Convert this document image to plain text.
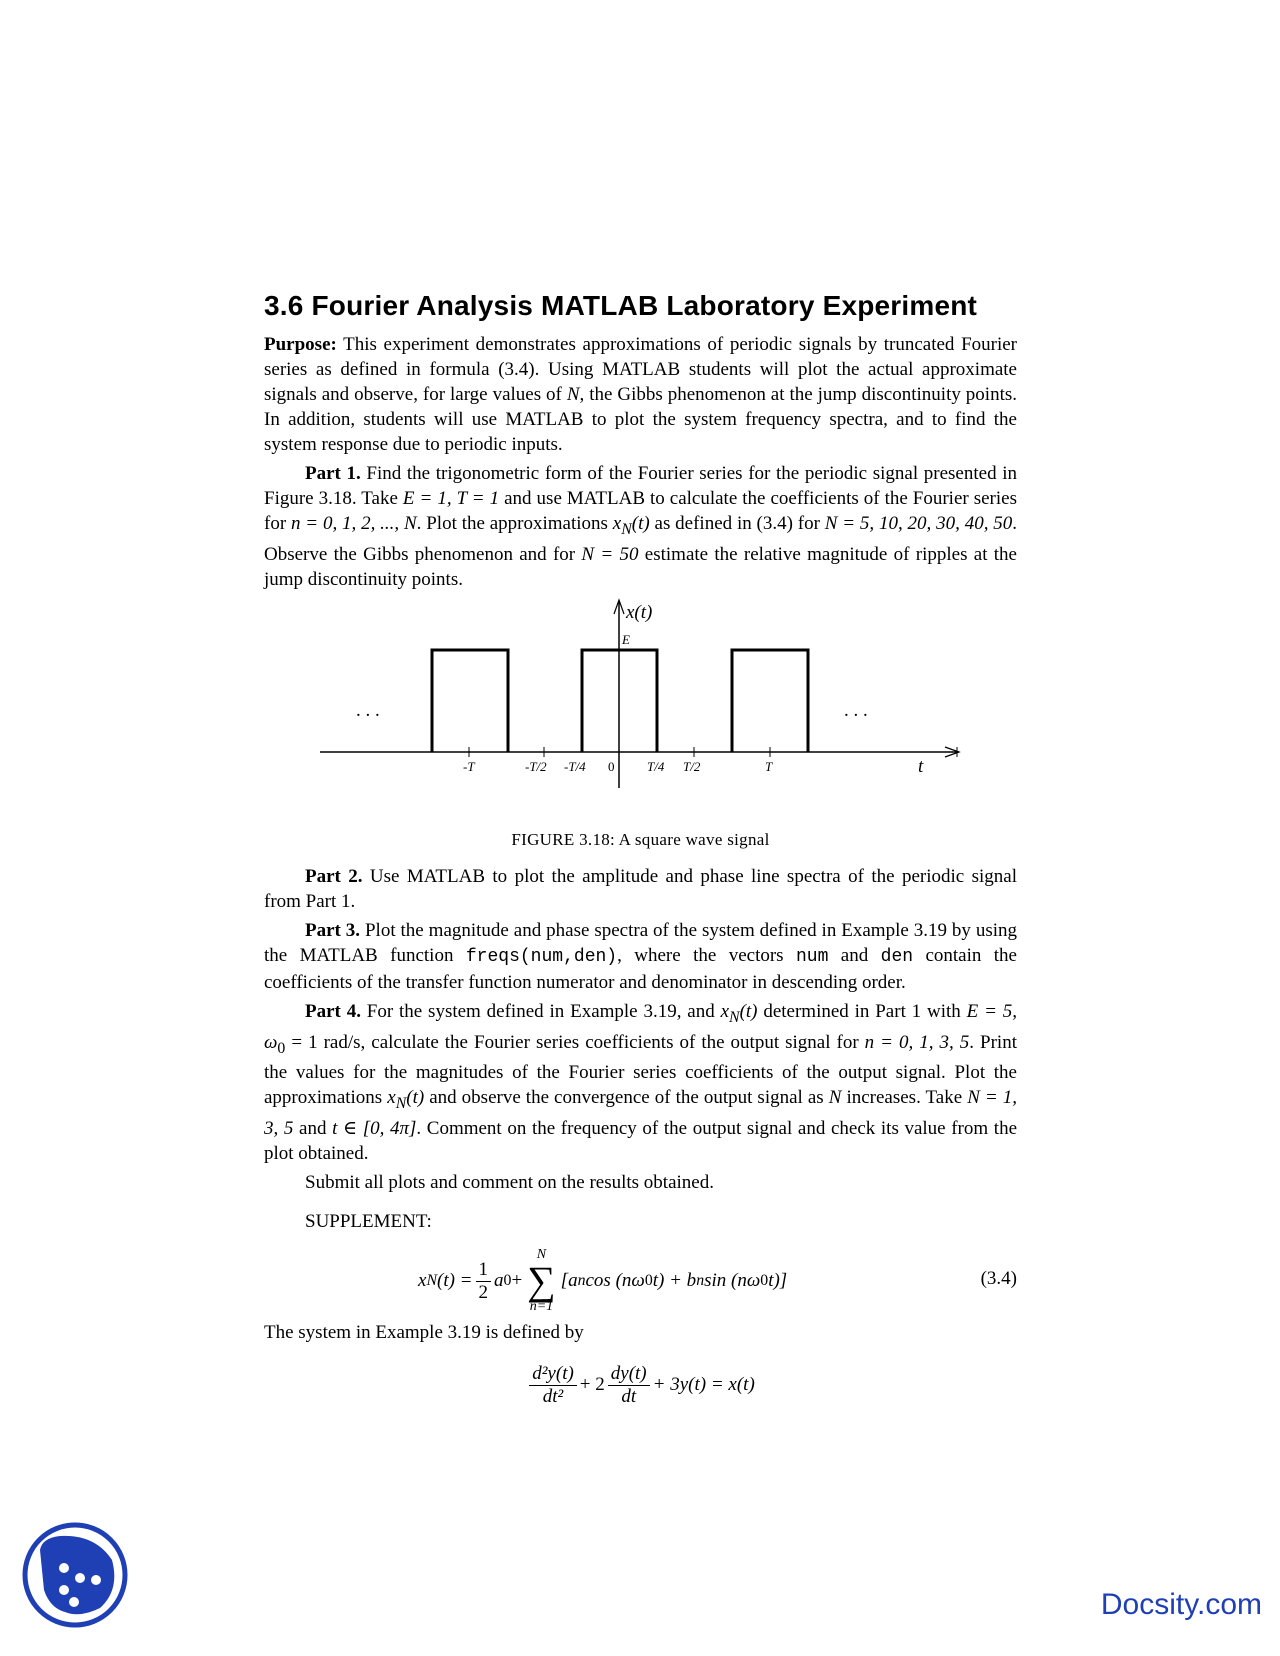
3.6 Fourier Analysis MATLAB Laboratory Experiment

Purpose: This experiment demonstrates approximations of periodic signals by truncated Fourier series as defined in formula (3.4). Using MATLAB students will plot the actual approximate signals and observe, for large values of N, the Gibbs phenomenon at the jump discontinuity points. In addition, students will use MATLAB to plot the system frequency spectra, and to find the system response due to periodic inputs.

Part 1. Find the trigonometric form of the Fourier series for the periodic signal presented in Figure 3.18. Take E = 1, T = 1 and use MATLAB to calculate the coefficients of the Fourier series for n = 0, 1, 2, ..., N. Plot the approximations $x_N(t)$ as defined in (3.4) for N = 5, 10, 20, 30, 40, 50. Observe the Gibbs phenomenon and for N = 50 estimate the relative magnitude of ripples at the jump discontinuity points.

x(t)
E
t
. . .	. . .
-T	-T/2 -T/4 0	T/4 T/2	T
FIGURE 3.18: A square wave signal

Part 2. Use MATLAB to plot the amplitude and phase line spectra of the periodic signal from Part 1.

Part 3. Plot the magnitude and phase spectra of the system defined in Example 3.19 by using the MATLAB function freqs(num,den), where the vectors num and den contain the coefficients of the transfer function numerator and denominator in descending order.

Part 4. For the system defined in Example 3.19, and $x_N(t)$ determined in Part 1 with E = 5, $\omega_0 = 1$ rad/s, calculate the Fourier series coefficients of the output signal for n = 0, 1, 3, 5. Print the values for the magnitudes of the Fourier series coefficients of the output signal. Plot the approximations $x_N(t)$ and observe the convergence of the output signal as N increases. Take N = 1, 3, 5 and t ∈ [0, 4π]. Comment on the frequency of the output signal and check its value from the plot obtained.

Submit all plots and comment on the results obtained.

SUPPLEMENT:

x N $(t) = \frac{1}{2}$ a 0 +
N
∑
n=1
[a n cos (nω 0 t) + b n sin (nω 0 t)]	(3.4)

The system in Example 3.19 is defined by

$\frac{\text{d²y(t)}}{\text{dt²}} + 2 \frac{dy(t)}{dt} + 3y(t) = x(t)$
Docsity.com
